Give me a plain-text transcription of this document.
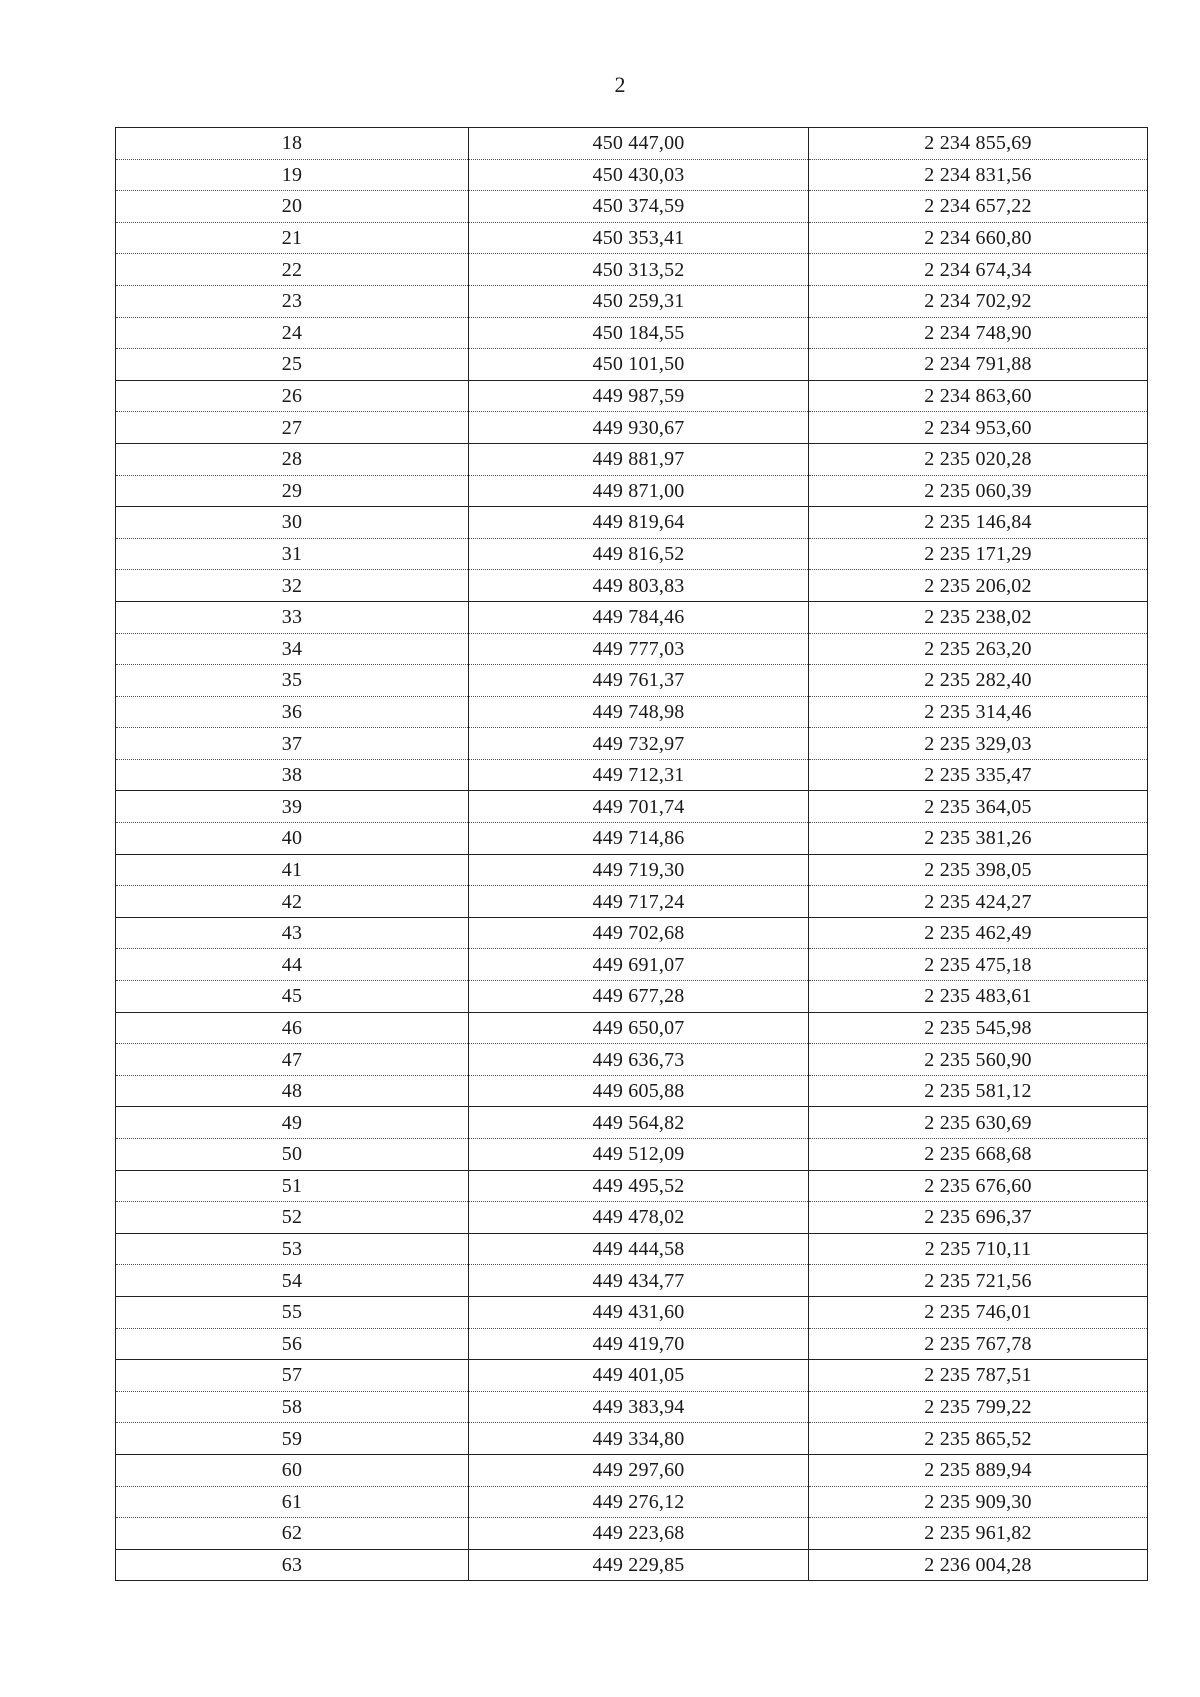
2
18	450 447,00	2 234 855,69
19	450 430,03	2 234 831,56
20	450 374,59	2 234 657,22
21	450 353,41	2 234 660,80
22	450 313,52	2 234 674,34
23	450 259,31	2 234 702,92
24	450 184,55	2 234 748,90
25	450 101,50	2 234 791,88
26	449 987,59	2 234 863,60
27	449 930,67	2 234 953,60
28	449 881,97	2 235 020,28
29	449 871,00	2 235 060,39
30	449 819,64	2 235 146,84
31	449 816,52	2 235 171,29
32	449 803,83	2 235 206,02
33	449 784,46	2 235 238,02
34	449 777,03	2 235 263,20
35	449 761,37	2 235 282,40
36	449 748,98	2 235 314,46
37	449 732,97	2 235 329,03
38	449 712,31	2 235 335,47
39	449 701,74	2 235 364,05
40	449 714,86	2 235 381,26
41	449 719,30	2 235 398,05
42	449 717,24	2 235 424,27
43	449 702,68	2 235 462,49
44	449 691,07	2 235 475,18
45	449 677,28	2 235 483,61
46	449 650,07	2 235 545,98
47	449 636,73	2 235 560,90
48	449 605,88	2 235 581,12
49	449 564,82	2 235 630,69
50	449 512,09	2 235 668,68
51	449 495,52	2 235 676,60
52	449 478,02	2 235 696,37
53	449 444,58	2 235 710,11
54	449 434,77	2 235 721,56
55	449 431,60	2 235 746,01
56	449 419,70	2 235 767,78
57	449 401,05	2 235 787,51
58	449 383,94	2 235 799,22
59	449 334,80	2 235 865,52
60	449 297,60	2 235 889,94
61	449 276,12	2 235 909,30
62	449 223,68	2 235 961,82
63	449 229,85	2 236 004,28
